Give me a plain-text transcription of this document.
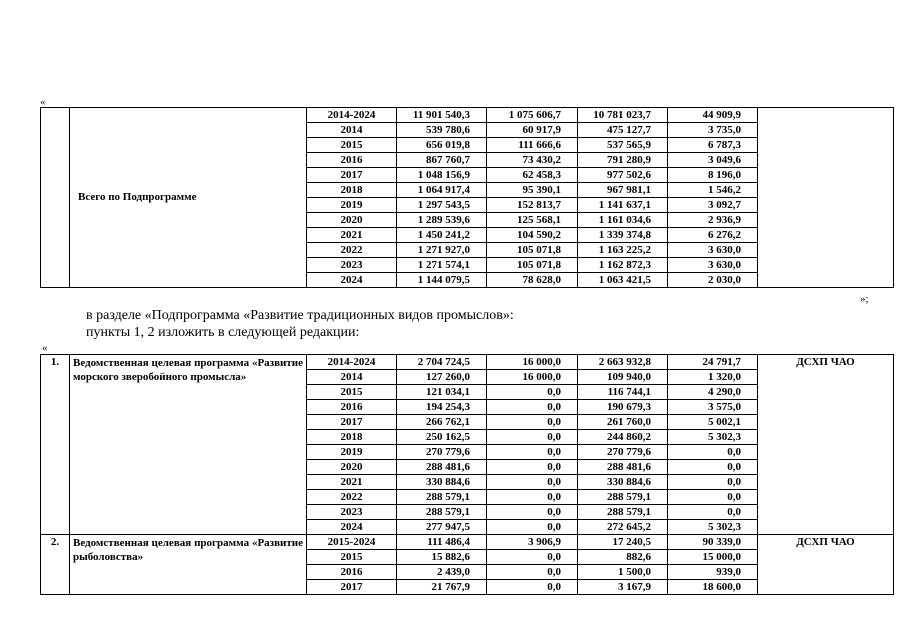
«
	Всего по Подпрограмме	2014-2024	11 901 540,3	1 075 606,7	10 781 023,7	44 909,9	
		2014	539 780,6	60 917,9	475 127,7	3 735,0	
		2015	656 019,8	111 666,6	537 565,9	6 787,3	
		2016	867 760,7	73 430,2	791 280,9	3 049,6	
		2017	1 048 156,9	62 458,3	977 502,6	8 196,0	
		2018	1 064 917,4	95 390,1	967 981,1	1 546,2	
		2019	1 297 543,5	152 813,7	1 141 637,1	3 092,7	
		2020	1 289 539,6	125 568,1	1 161 034,6	2 936,9	
		2021	1 450 241,2	104 590,2	1 339 374,8	6 276,2	
		2022	1 271 927,0	105 071,8	1 163 225,2	3 630,0	
		2023	1 271 574,1	105 071,8	1 162 872,3	3 630,0	
		2024	1 144 079,5	78 628,0	1 063 421,5	2 030,0	
»;
в разделе «Подпрограмма «Развитие традиционных видов промыслов»:
пункты 1, 2 изложить в следующей редакции:
«
1.	Ведомственная целевая программа «Развитие морского зверобойного промысла»	2014-2024	2 704 724,5	16 000,0	2 663 932,8	24 791,7	ДСХП ЧАО
		2014	127 260,0	16 000,0	109 940,0	1 320,0	
		2015	121 034,1	0,0	116 744,1	4 290,0	
		2016	194 254,3	0,0	190 679,3	3 575,0	
		2017	266 762,1	0,0	261 760,0	5 002,1	
		2018	250 162,5	0,0	244 860,2	5 302,3	
		2019	270 779,6	0,0	270 779,6	0,0	
		2020	288 481,6	0,0	288 481,6	0,0	
		2021	330 884,6	0,0	330 884,6	0,0	
		2022	288 579,1	0,0	288 579,1	0,0	
		2023	288 579,1	0,0	288 579,1	0,0	
		2024	277 947,5	0,0	272 645,2	5 302,3	
2.	Ведомственная целевая программа «Развитие рыболовства»	2015-2024	111 486,4	3 906,9	17 240,5	90 339,0	ДСХП ЧАО
		2015	15 882,6	0,0	882,6	15 000,0	
		2016	2 439,0	0,0	1 500,0	939,0	
		2017	21 767,9	0,0	3 167,9	18 600,0	
